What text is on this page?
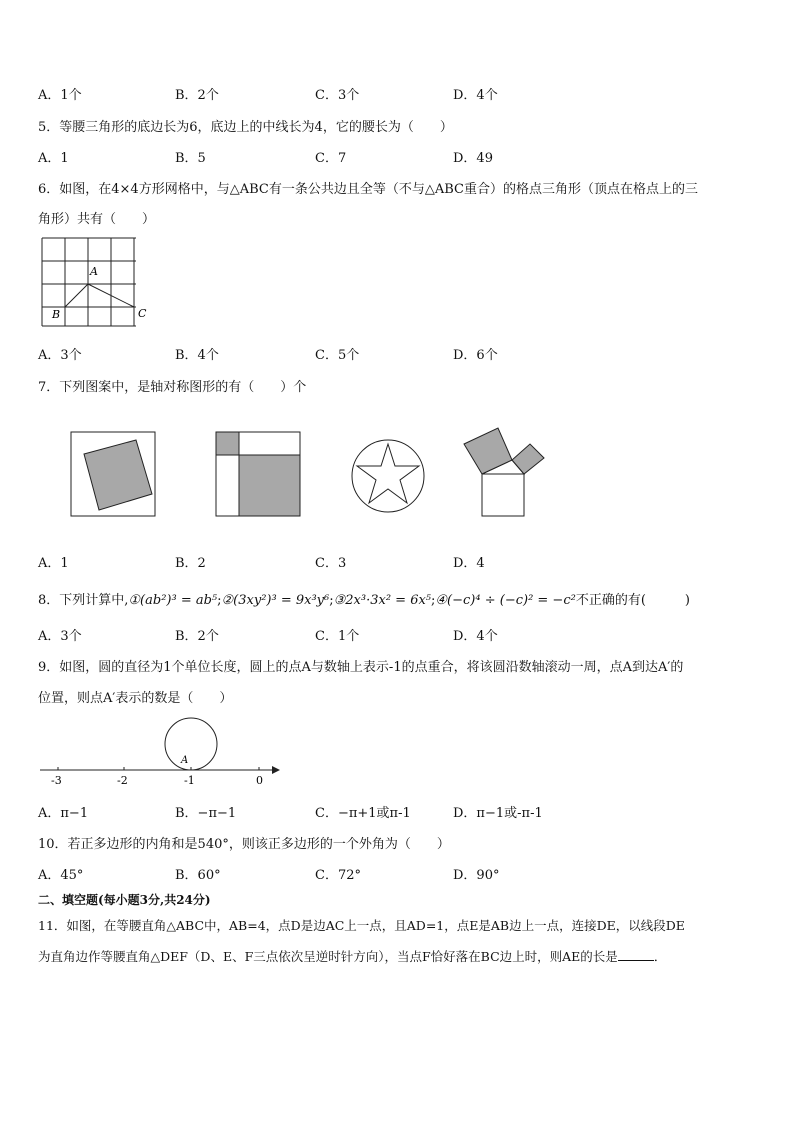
A．1个	B．2个	C．3个	D．4个
5．等腰三角形的底边长为6，底边上的中线长为4，它的腰长为（　　）
A．1	B．5	C．7	D．49
6．如图，在4×4方形网格中，与△ABC有一条公共边且全等（不与△ABC重合）的格点三角形（顶点在格点上的三
角形）共有（　　）
A
B	C
A．3个	B．4个	C．5个	D．6个
7．下列图案中，是轴对称图形的有（　　）个
A．1	B．2	C．3	D．4
8．下列计算中,①(ab²)³ = ab⁵;②(3xy²)³ = 9x³y⁶;③2x³·3x² = 6x⁵;④(−c)⁴ ÷ (−c)² = −c²不正确的有(　　　)
A．3个	B．2个	C．1个	D．4个
9．如图，圆的直径为1个单位长度，圆上的点A与数轴上表示-1的点重合，将该圆沿数轴滚动一周，点A到达A′的
位置，则点A′表示的数是（　　）
-3	-2	-1	0
A
A．π−1	B．−π−1	C．−π+1或π-1	D．π−1或-π-1
10．若正多边形的内角和是540°，则该正多边形的一个外角为（　　）
A．45°	B．60°	C．72°	D．90°
二、填空题(每小题3分,共24分)
11．如图，在等腰直角△ABC中，AB=4，点D是边AC上一点，且AD=1，点E是AB边上一点，连接DE，以线段DE
为直角边作等腰直角△DEF（D、E、F三点依次呈逆时针方向），当点F恰好落在BC边上时，则AE的长是	．
